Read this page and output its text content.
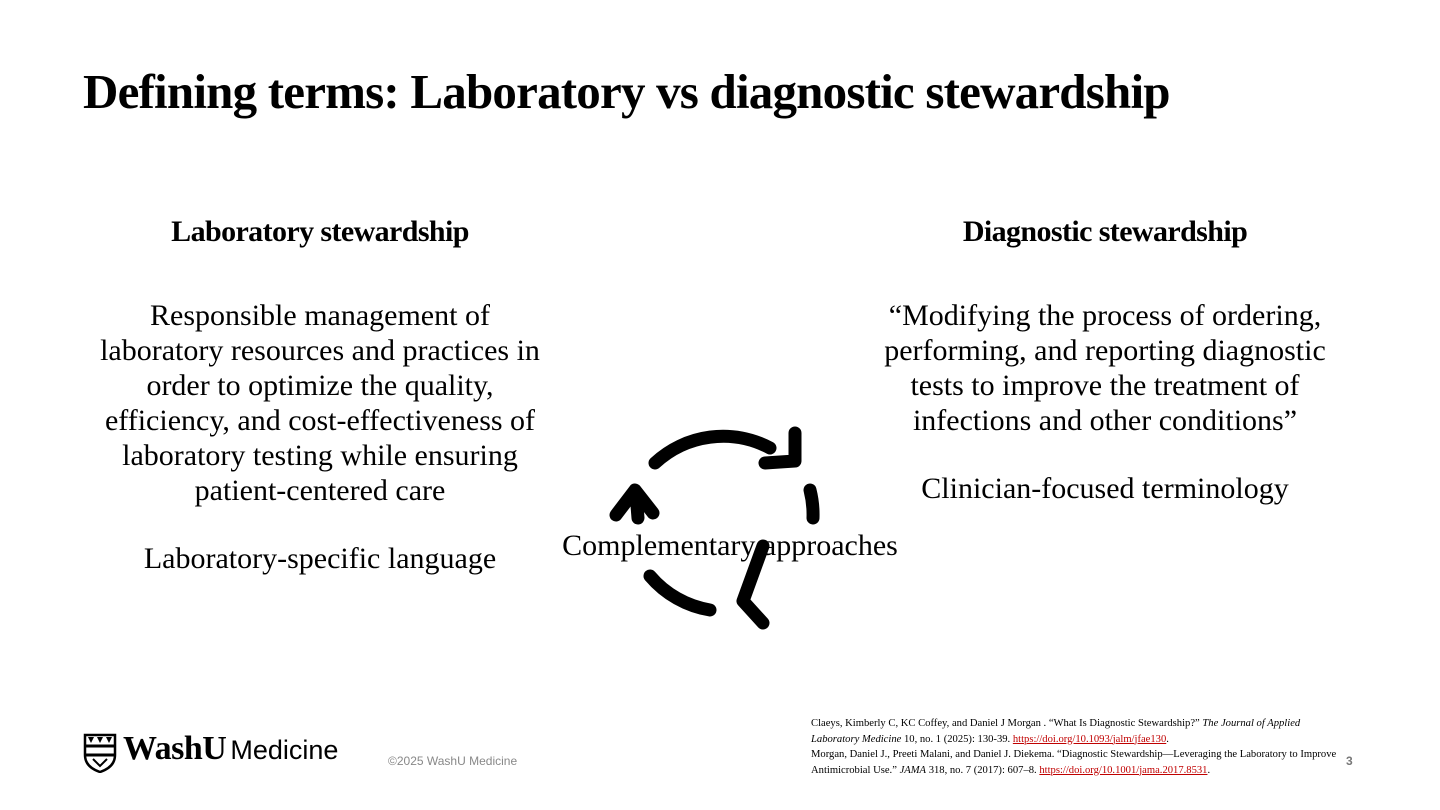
Defining terms: Laboratory vs diagnostic stewardship
Laboratory stewardship
Responsible management of
laboratory resources and practices in
order to optimize the quality,
efficiency, and cost-effectiveness of
laboratory testing while ensuring
patient-centered care
Laboratory-specific language
Diagnostic stewardship
“Modifying the process of ordering,
performing, and reporting diagnostic
tests to improve the treatment of
infections and other conditions”
Clinician-focused terminology
Complementary approaches
WashU Medicine	©2025 WashU Medicine
Claeys, Kimberly C, KC Coffey, and Daniel J Morgan . “What Is Diagnostic Stewardship?” The Journal of Applied Laboratory Medicine 10, no. 1 (2025): 130-39. https://doi.org/10.1093/jalm/jfae130.
Morgan, Daniel J., Preeti Malani, and Daniel J. Diekema. “Diagnostic Stewardship—Leveraging the Laboratory to Improve Antimicrobial Use.” JAMA 318, no. 7 (2017): 607–8. https://doi.org/10.1001/jama.2017.8531.
3
